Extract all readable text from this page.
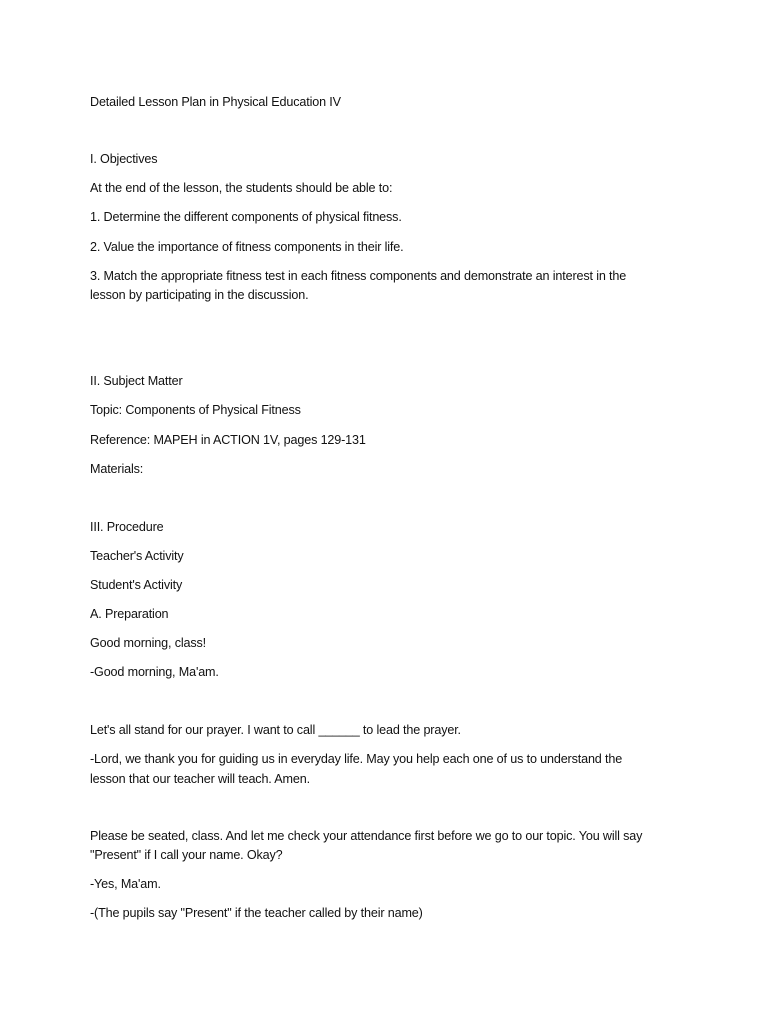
Detailed Lesson Plan in Physical Education IV
I. Objectives
At the end of the lesson, the students should be able to:
1. Determine the different components of physical fitness.
2. Value the importance of fitness components in their life.
3. Match the appropriate fitness test in each fitness components and demonstrate an interest in the
lesson by participating in the discussion.
II. Subject Matter
Topic: Components of Physical Fitness
Reference: MAPEH in ACTION 1V, pages 129-131
Materials:
III. Procedure
Teacher's Activity
Student's Activity
A. Preparation
Good morning, class!
-Good morning, Ma'am.
Let's all stand for our prayer. I want to call ______ to lead the prayer.
-Lord, we thank you for guiding us in everyday life. May you help each one of us to understand the
lesson that our teacher will teach. Amen.
Please be seated, class. And let me check your attendance first before we go to our topic. You will say
"Present" if I call your name. Okay?
-Yes, Ma'am.
-(The pupils say "Present" if the teacher called by their name)
